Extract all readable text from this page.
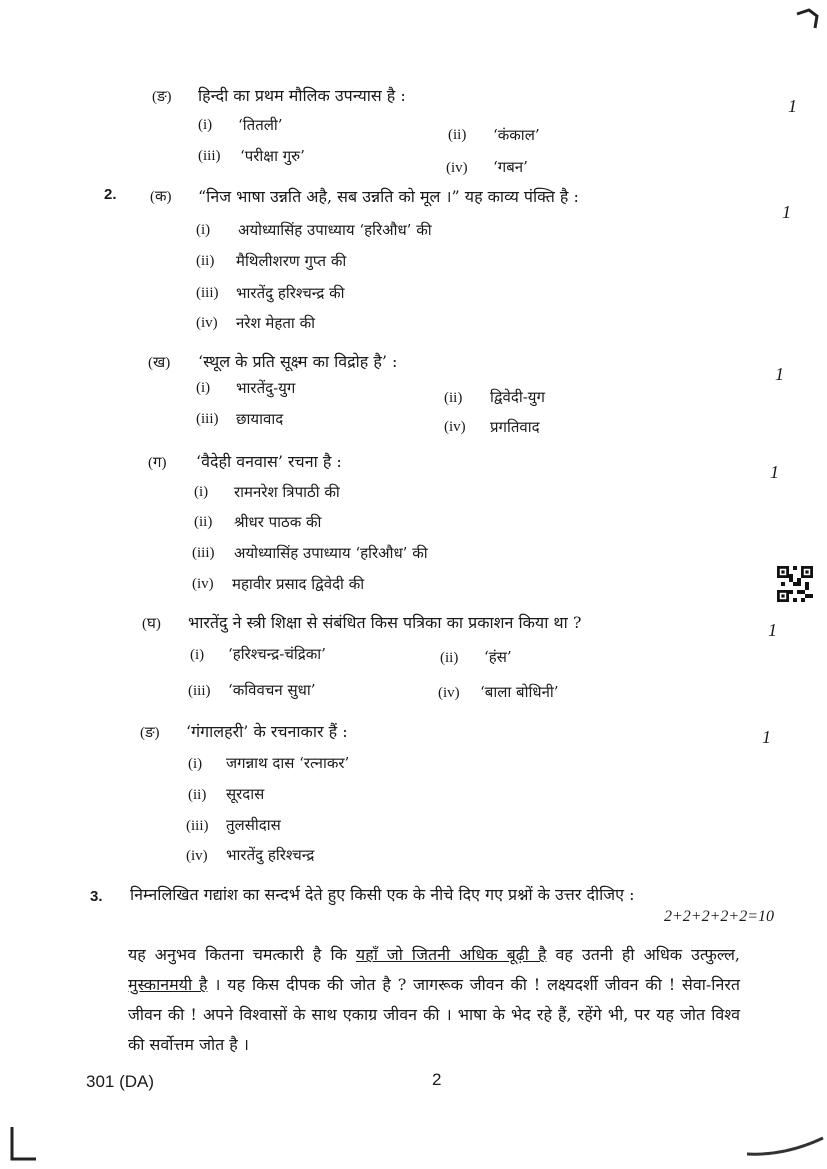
(ङ) हिन्दी का प्रथम मौलिक उपन्यास है :
1
(i) ‘तितली’
(ii) ‘कंकाल’
(iii) ‘परीक्षा गुरु’
(iv) ‘गबन’
2. (क) “निज भाषा उन्नति अहै, सब उन्नति को मूल ।” यह काव्य पंक्ति है :
1
(i) अयोध्यासिंह उपाध्याय ‘हरिऔध’ की
(ii) मैथिलीशरण गुप्त की
(iii) भारतेंदु हरिश्चन्द्र की
(iv) नरेश मेहता की
(ख) ‘स्थूल के प्रति सूक्ष्म का विद्रोह है’ :
1
(i) भारतेंदु-युग
(ii) द्विवेदी-युग
(iii) छायावाद	(iv) प्रगतिवाद
(ग) ‘वैदेही वनवास’ रचना है :
1
(i) रामनरेश त्रिपाठी की
(ii) श्रीधर पाठक की
(iii) अयोध्यासिंह उपाध्याय ‘हरिऔध’ की
(iv) महावीर प्रसाद द्विवेदी की
(घ) भारतेंदु ने स्त्री शिक्षा से संबंधित किस पत्रिका का प्रकाशन किया था ?	1
(i) ‘हरिश्चन्द्र-चंद्रिका’	(ii) ‘हंस’
(iii) ‘कविवचन सुधा’	(iv) ‘बाला बोधिनी’
(ङ) ‘गंगालहरी’ के रचनाकार हैं :	1
(i) जगन्नाथ दास ‘रत्नाकर’
(ii) सूरदास
(iii) तुलसीदास
(iv) भारतेंदु हरिश्चन्द्र
3. निम्नलिखित गद्यांश का सन्दर्भ देते हुए किसी एक के नीचे दिए गए प्रश्नों के उत्तर दीजिए :
2+2+2+2+2=10
यह अनुभव कितना चमत्कारी है कि यहाँ जो जितनी अधिक बूढ़ी है वह उतनी ही अधिक उत्फुल्ल, मुस्कानमयी है । यह किस दीपक की जोत है ? जागरूक जीवन की ! लक्ष्यदर्शी जीवन की ! सेवा-निरत जीवन की ! अपने विश्वासों के साथ एकाग्र जीवन की । भाषा के भेद रहे हैं, रहेंगे भी, पर यह जोत विश्व की सर्वोत्तम जोत है ।
301 (DA)	2
